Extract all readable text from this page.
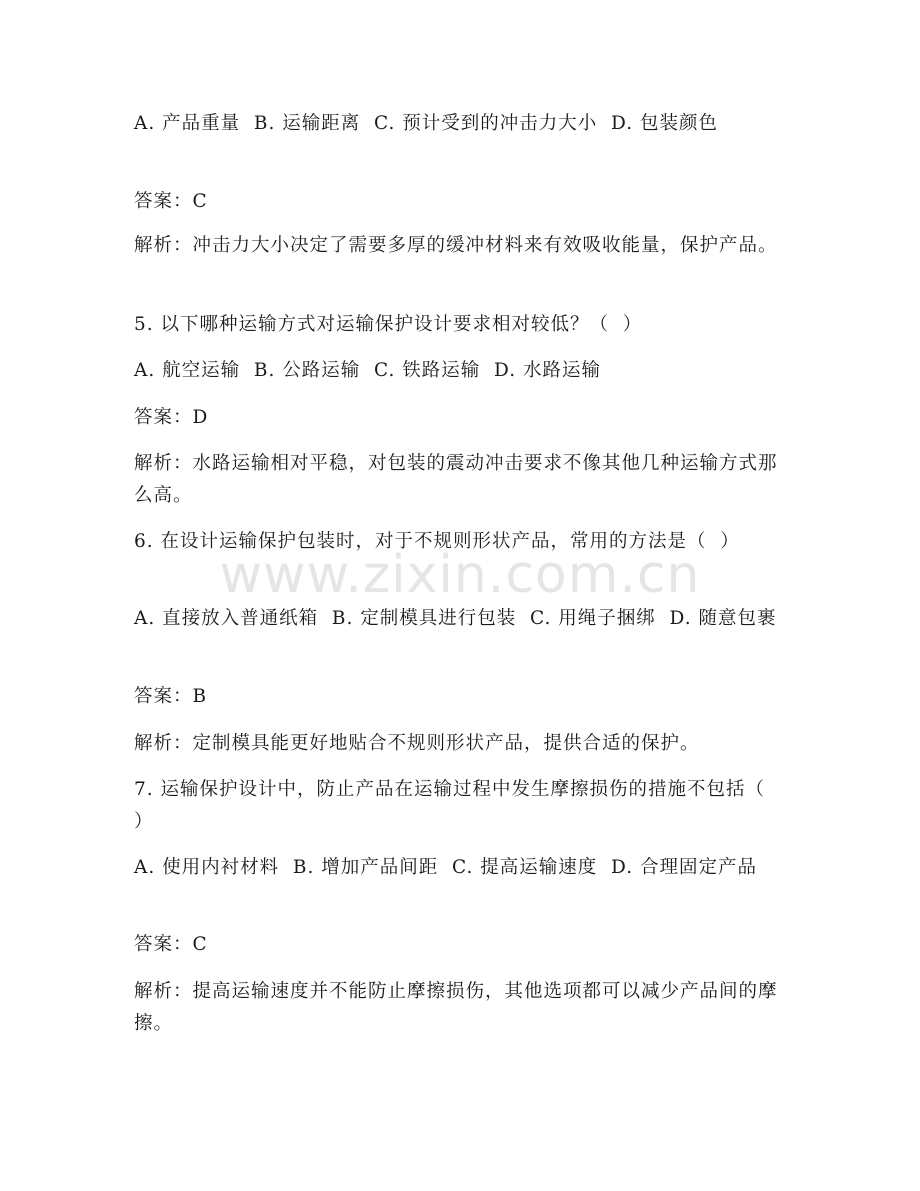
A. 产品重量  B. 运输距离  C. 预计受到的冲击力大小  D. 包装颜色

答案：C

解析：冲击力大小决定了需要多厚的缓冲材料来有效吸收能量，保护产品。

5. 以下哪种运输方式对运输保护设计要求相对较低？（  ）

A. 航空运输  B. 公路运输  C. 铁路运输  D. 水路运输

答案：D

解析：水路运输相对平稳，对包装的震动冲击要求不像其他几种运输方式那么高。

6. 在设计运输保护包装时，对于不规则形状产品，常用的方法是（  ）

A. 直接放入普通纸箱  B. 定制模具进行包装  C. 用绳子捆绑  D. 随意包裹

答案：B

解析：定制模具能更好地贴合不规则形状产品，提供合适的保护。

7. 运输保护设计中，防止产品在运输过程中发生摩擦损伤的措施不包括（  ）

A. 使用内衬材料  B. 增加产品间距  C. 提高运输速度  D. 合理固定产品

答案：C

解析：提高运输速度并不能防止摩擦损伤，其他选项都可以减少产品间的摩擦。

www.zixin.com.cn
